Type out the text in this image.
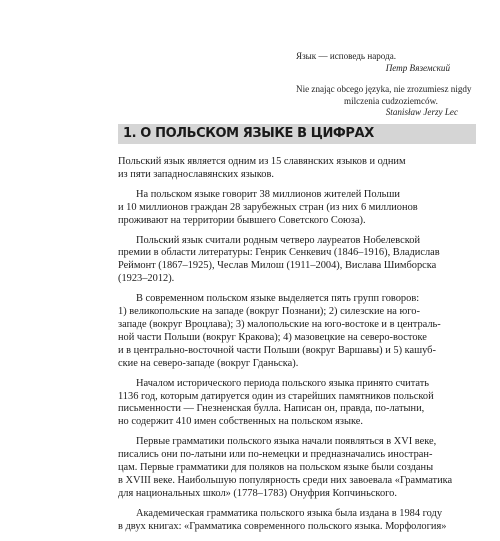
Язык — исповедь народа.
Петр Вяземский

Nie znając obcego języka, nie zrozumiesz nigdy
milczenia cudzoziemców.
Stanisław Jerzy Lec

1. О ПОЛЬСКОМ ЯЗЫКЕ В ЦИФРАХ

Польский язык является одним из 15 славянских языков и одним
из пяти западнославянских языков.

На польском языке говорит 38 миллионов жителей Польши
и 10 миллионов граждан 28 зарубежных стран (из них 6 миллионов
проживают на территории бывшего Советского Союза).

Польский язык считали родным четверо лауреатов Нобелевской
премии в области литературы: Генрик Сенкевич (1846–1916), Владислав
Реймонт (1867–1925), Чеслав Милош (1911–2004), Вислава Шимборска
(1923–2012).

В современном польском языке выделяется пять групп говоров:
1) великопольские на западе (вокруг Познани); 2) силезские на юго-
западе (вокруг Вроцлава); 3) малопольские на юго-востоке и в централь-
ной части Польши (вокруг Кракова); 4) мазовецкие на северо-востоке
и в центрально-восточной части Польши (вокруг Варшавы) и 5) кашуб-
ские на северо-западе (вокруг Гданьска).

Началом исторического периода польского языка принято считать
1136 год, которым датируется один из старейших памятников польской
письменности — Гнезненская булла. Написан он, правда, по-латыни,
но содержит 410 имен собственных на польском языке.

Первые грамматики польского языка начали появляться в XVI веке,
писались они по-латыни или по-немецки и предназначались иностран-
цам. Первые грамматики для поляков на польском языке были созданы
в XVIII веке. Наибольшую популярность среди них завоевала «Грамматика
для национальных школ» (1778–1783) Онуфрия Копчиньского.

Академическая грамматика польского языка была издана в 1984 году
в двух книгах: «Грамматика современного польского языка. Морфология»
